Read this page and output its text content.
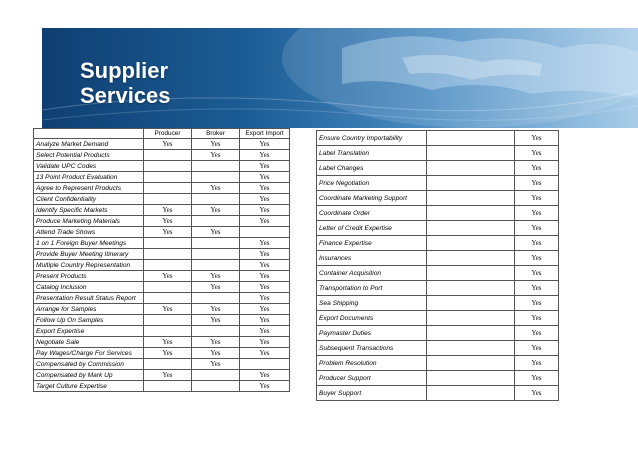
Supplier
Services
	Producer	Broker	Export Import
Analyze Market Demand	Yes	Yes	Yes
Select Potential Products		Yes	Yes
Validate UPC Codes			Yes
13 Point Product Evaluation			Yes
Agree to Represent Products		Yes	Yes
Client Confidentiality			Yes
Identify Specific Markets	Yes	Yes	Yes
Produce Marketing Materials	Yes		Yes
Attend Trade Shows	Yes	Yes	
1 on 1 Foreign Buyer Meetings			Yes
Provide Buyer Meeting Itinerary			Yes
Multiple Country Representation			Yes
Present Products	Yes	Yes	Yes
Catalog Inclusion		Yes	Yes
Presentation Result Status Report			Yes
Arrange for Samples	Yes	Yes	Yes
Follow Up On Samples		Yes	Yes
Export Expertise			Yes
Negotiate Sale	Yes	Yes	Yes
Pay Wages/Charge For Services	Yes	Yes	Yes
Compensated by Commission		Yes	
Compensated by Mark Up	Yes		Yes
Target Culture Expertise			Yes
Ensure Country Importability		Yes
Label Translation		Yes
Label Changes		Yes
Price Negotiation		Yes
Coordinate Marketing Support		Yes
Coordinate Order		Yes
Letter of Credit Expertise		Yes
Finance Expertise		Yes
Insurances		Yes
Container Acquisition		Yes
Transportation to Port		Yes
Sea Shipping		Yes
Export Documents		Yes
Paymaster Duties		Yes
Subsequent Transactions		Yes
Problem Resolution		Yes
Producer Support		Yes
Buyer Support		Yes
